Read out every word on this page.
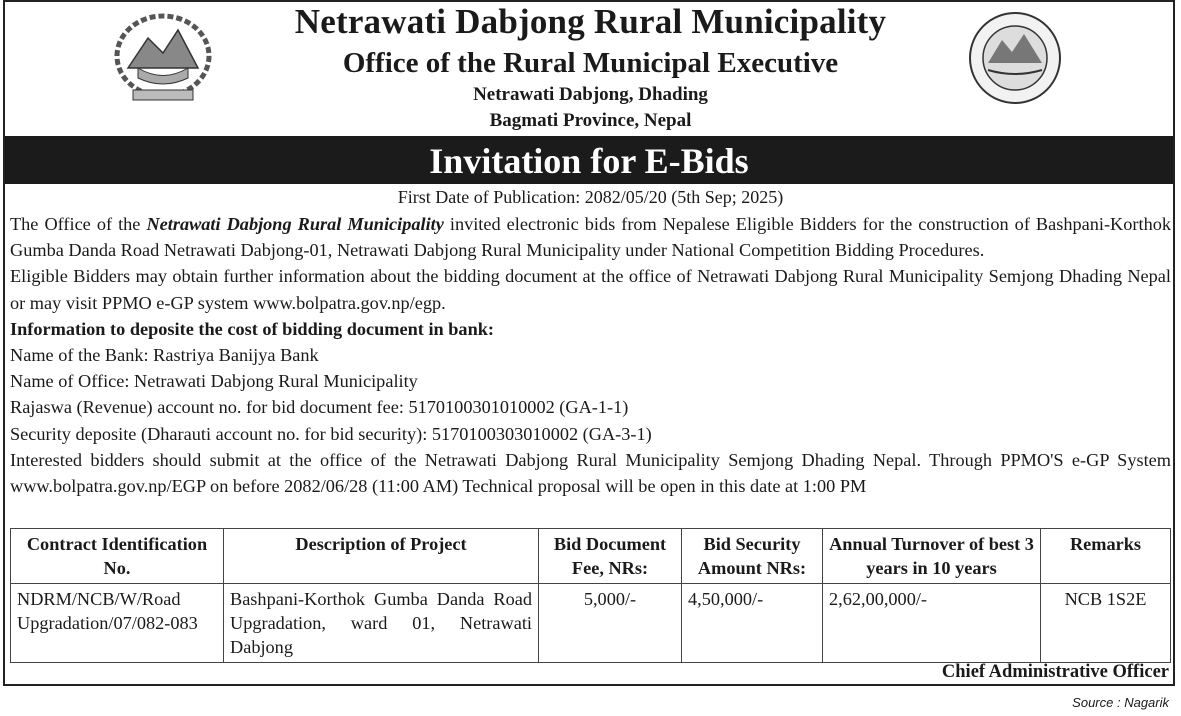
Netrawati Dabjong Rural Municipality
Office of the Rural Municipal Executive
Netrawati Dabjong, Dhading
Bagmati Province, Nepal
Invitation for E-Bids
First Date of Publication: 2082/05/20 (5th Sep; 2025)

The Office of the Netrawati Dabjong Rural Municipality invited electronic bids from Nepalese Eligible Bidders for the construction of Bashpani-Korthok Gumba Danda Road Netrawati Dabjong-01, Netrawati Dabjong Rural Municipality under National Competition Bidding Procedures.

Eligible Bidders may obtain further information about the bidding document at the office of Netrawati Dabjong Rural Municipality Semjong Dhading Nepal or may visit PPMO e-GP system www.bolpatra.gov.np/egp.

Information to deposite the cost of bidding document in bank:

Name of the Bank: Rastriya Banijya Bank

Name of Office: Netrawati Dabjong Rural Municipality

Rajaswa (Revenue) account no. for bid document fee: 5170100301010002 (GA-1-1)

Security deposite (Dharauti account no. for bid security): 5170100303010002 (GA-3-1)

Interested bidders should submit at the office of the Netrawati Dabjong Rural Municipality Semjong Dhading Nepal. Through PPMO'S e-GP System www.bolpatra.gov.np/EGP on before 2082/06/28 (11:00 AM) Technical proposal will be open in this date at 1:00 PM

Contract Identification No.	Description of Project	Bid Document Fee, NRs:	Bid Security Amount NRs:	Annual Turnover of best 3 years in 10 years	Remarks
NDRM/NCB/W/Road Upgradation/07/082-083	Bashpani-Korthok Gumba Danda Road Upgradation, ward 01, Netrawati Dabjong	5,000/-	4,50,000/-	2,62,00,000/-	NCB 1S2E
Chief Administrative Officer
Source : Nagarik
